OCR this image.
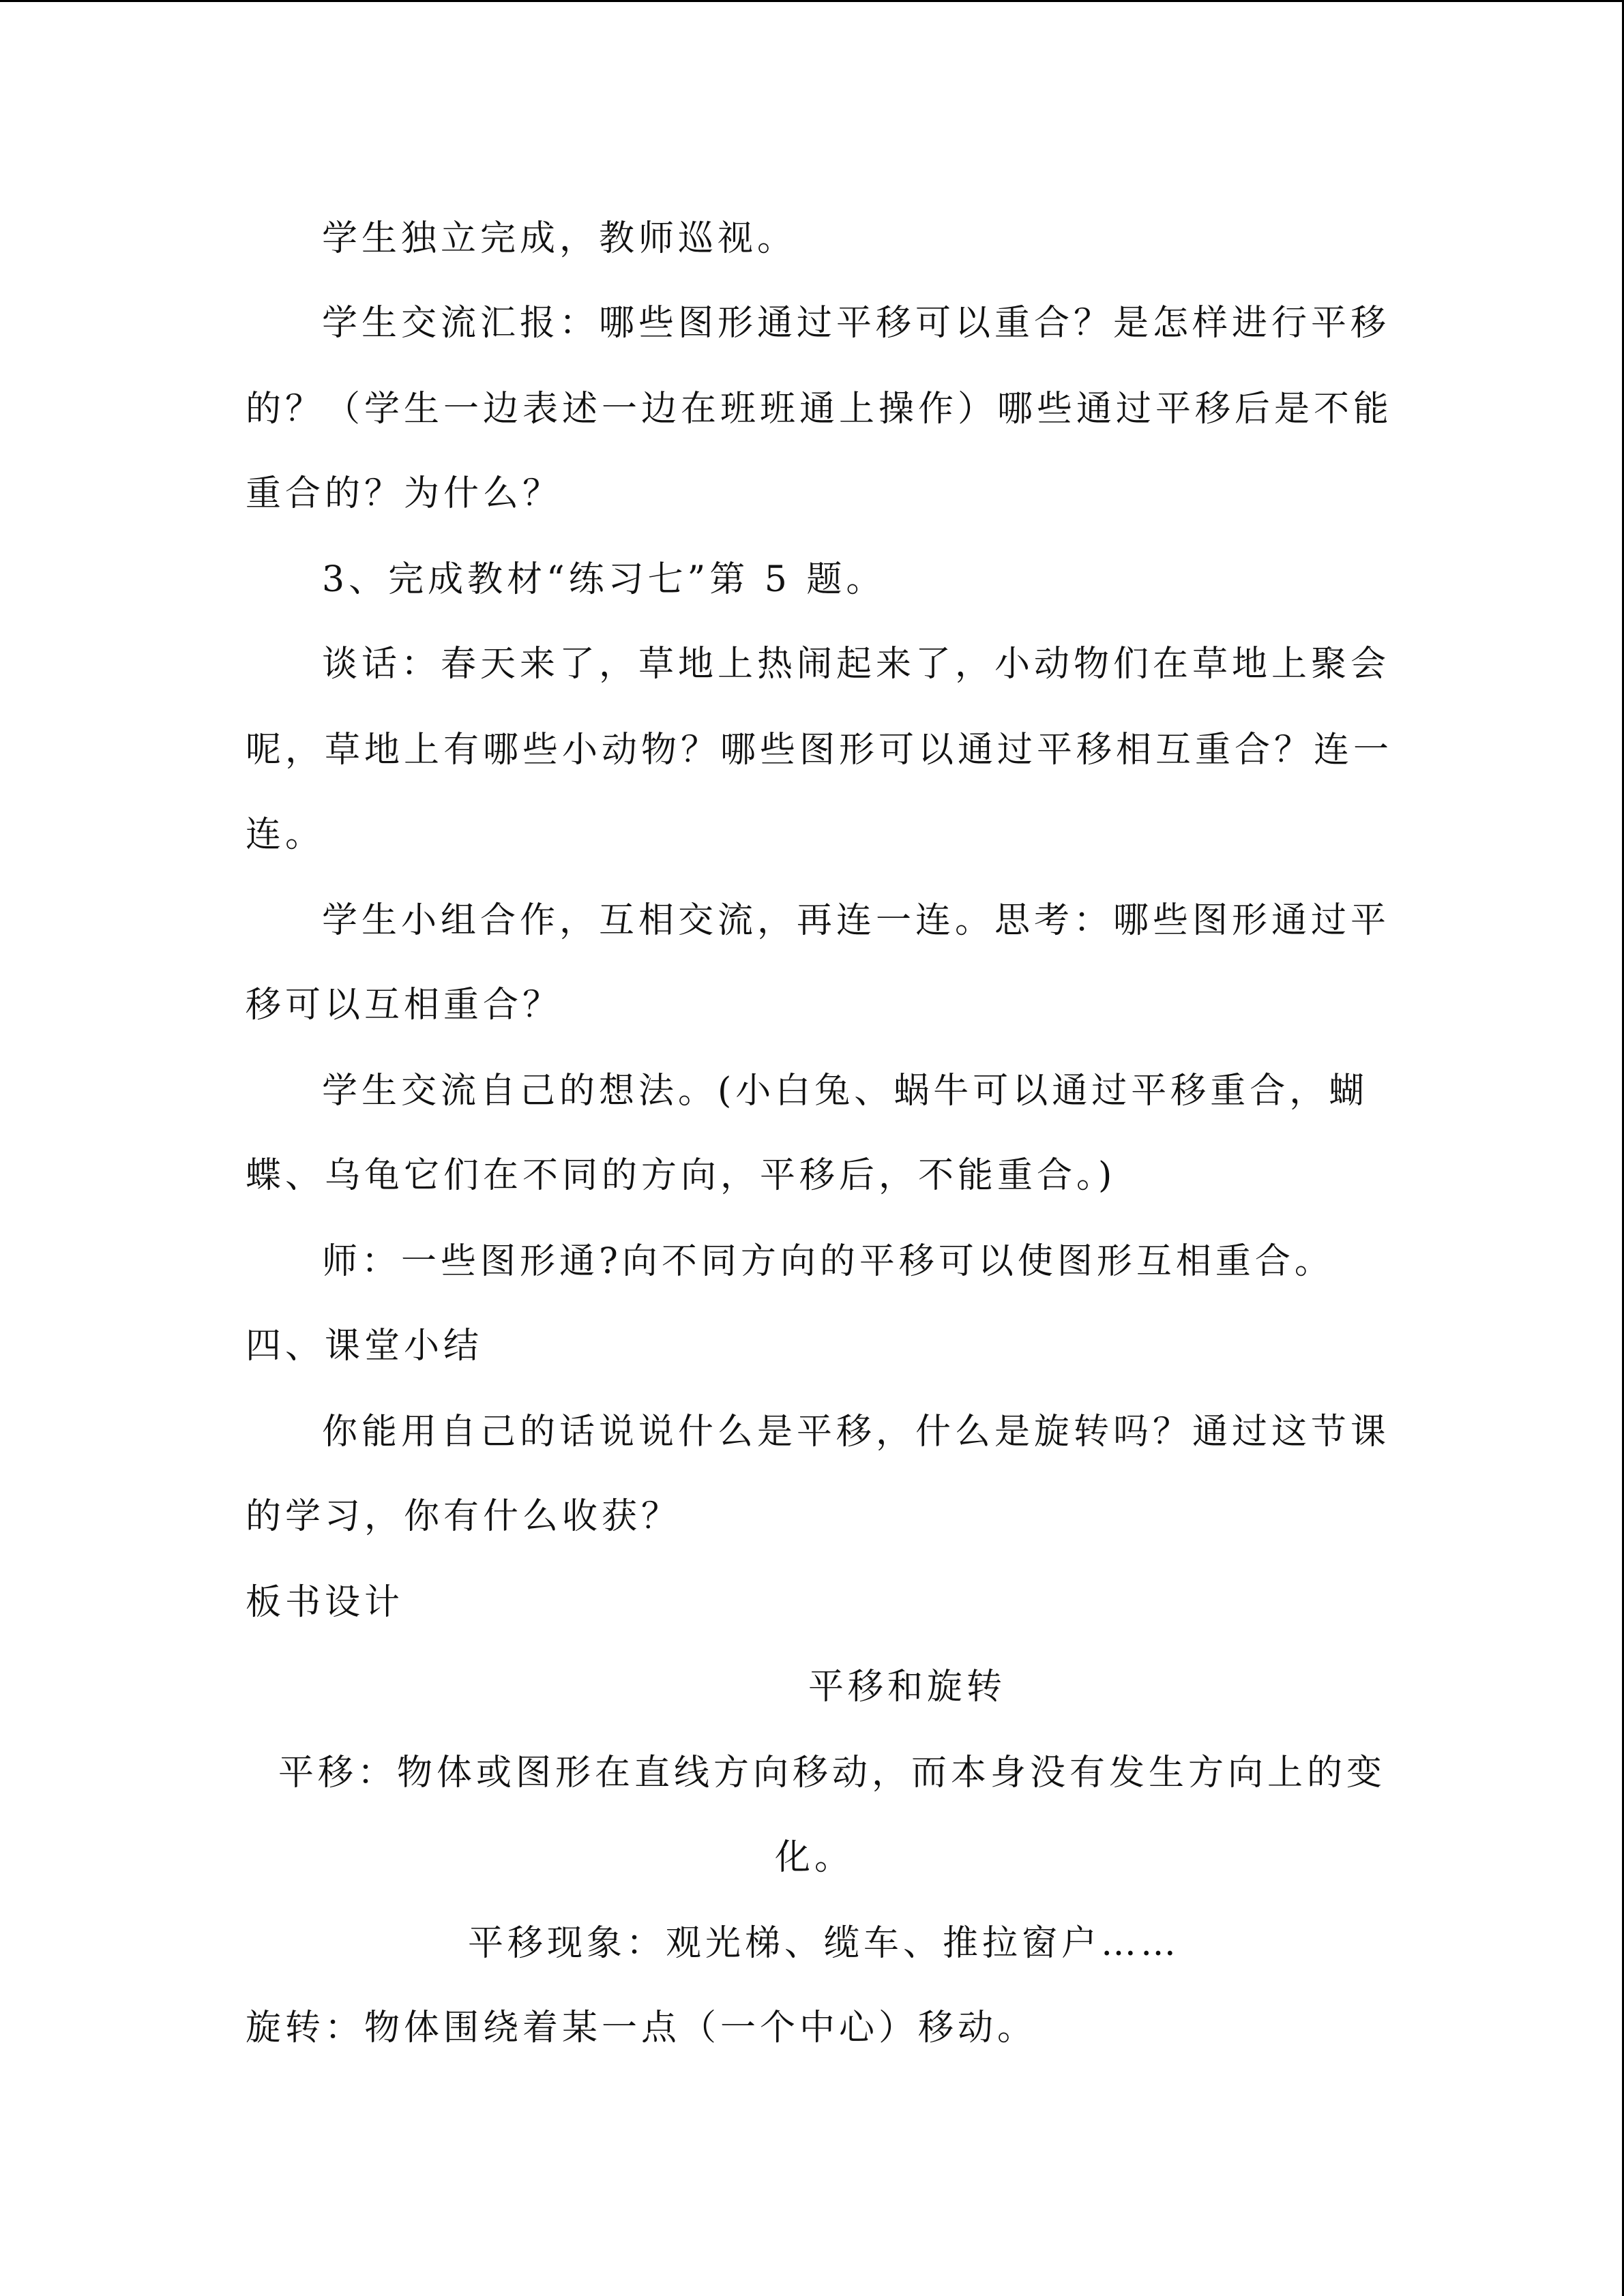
学生独立完成，教师巡视。
学生交流汇报：哪些图形通过平移可以重合？是怎样进行平移
的？（学生一边表述一边在班班通上操作）哪些通过平移后是不能
重合的？为什么？
3、完成教材“练习七”第 5 题。
谈话：春天来了，草地上热闹起来了，小动物们在草地上聚会
呢，草地上有哪些小动物？哪些图形可以通过平移相互重合？连一
连。
学生小组合作，互相交流，再连一连。思考：哪些图形通过平
移可以互相重合？
学生交流自己的想法。(小白兔、蜗牛可以通过平移重合，蝴
蝶、乌龟它们在不同的方向，平移后，不能重合。)
师：一些图形通?向不同方向的平移可以使图形互相重合。
四、课堂小结
你能用自己的话说说什么是平移，什么是旋转吗？通过这节课
的学习，你有什么收获？
板书设计
平移和旋转
平移：物体或图形在直线方向移动，而本身没有发生方向上的变
化。
平移现象：观光梯、缆车、推拉窗户……
旋转：物体围绕着某一点（一个中心）移动。
